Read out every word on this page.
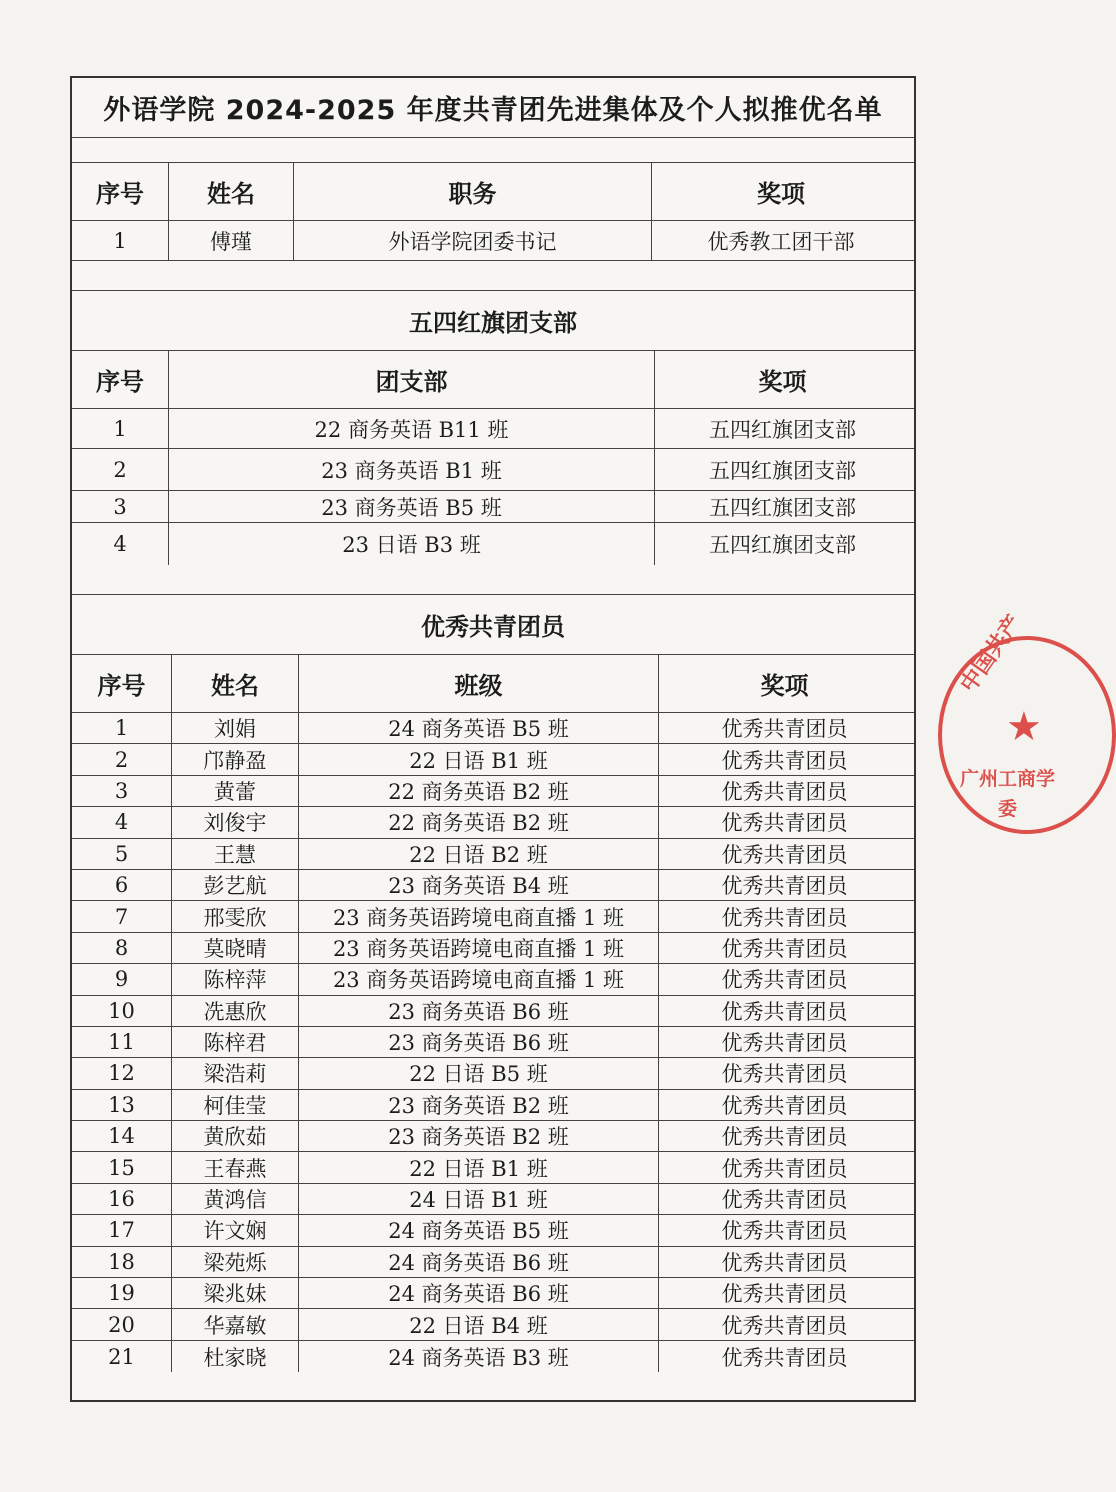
外语学院 2024-2025 年度共青团先进集体及个人拟推优名单
序号	姓名	职务	奖项
1	傅瑾	外语学院团委书记	优秀教工团干部
五四红旗团支部
序号	团支部	奖项
1	22 商务英语 B11 班	五四红旗团支部
2	23 商务英语 B1 班	五四红旗团支部
3	23 商务英语 B5 班	五四红旗团支部
4	23 日语 B3 班	五四红旗团支部
优秀共青团员
序号	姓名	班级	奖项
1	刘娟	24 商务英语 B5 班	优秀共青团员
2	邝静盈	22 日语 B1 班	优秀共青团员
3	黄蕾	22 商务英语 B2 班	优秀共青团员
4	刘俊宇	22 商务英语 B2 班	优秀共青团员
5	王慧	22 日语 B2 班	优秀共青团员
6	彭艺航	23 商务英语 B4 班	优秀共青团员
7	邢雯欣	23 商务英语跨境电商直播 1 班	优秀共青团员
8	莫晓晴	23 商务英语跨境电商直播 1 班	优秀共青团员
9	陈梓萍	23 商务英语跨境电商直播 1 班	优秀共青团员
10	冼惠欣	23 商务英语 B6 班	优秀共青团员
11	陈梓君	23 商务英语 B6 班	优秀共青团员
12	梁浩莉	22 日语 B5 班	优秀共青团员
13	柯佳莹	23 商务英语 B2 班	优秀共青团员
14	黄欣茹	23 商务英语 B2 班	优秀共青团员
15	王春燕	22 日语 B1 班	优秀共青团员
16	黄鸿信	24 日语 B1 班	优秀共青团员
17	许文娴	24 商务英语 B5 班	优秀共青团员
18	梁苑烁	24 商务英语 B6 班	优秀共青团员
19	梁兆妹	24 商务英语 B6 班	优秀共青团员
20	华嘉敏	22 日语 B4 班	优秀共青团员
21	杜家晓	24 商务英语 B3 班	优秀共青团员
中国共产
★
广州工商学
委
